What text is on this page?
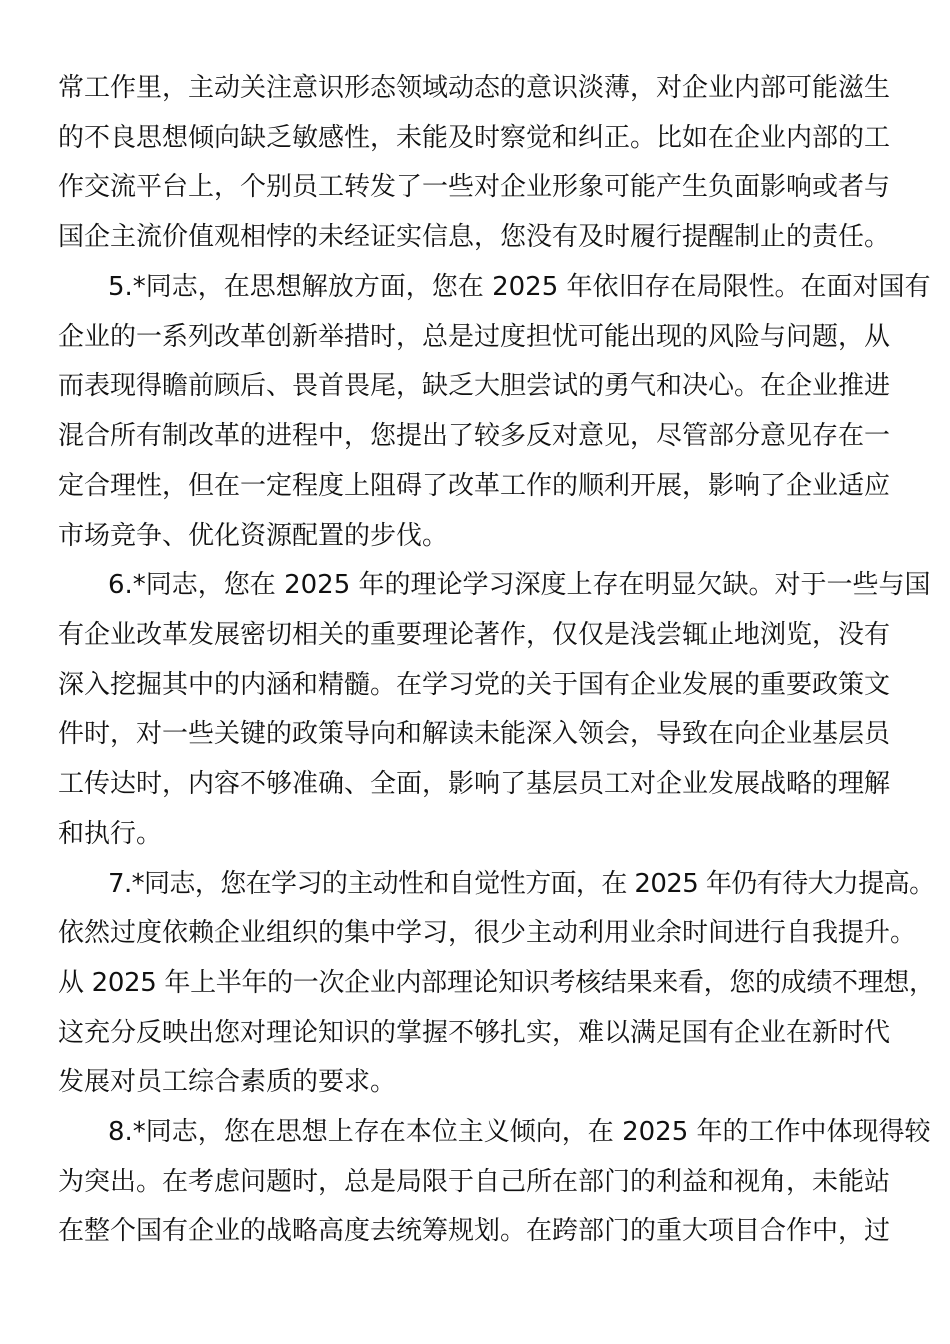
常工作里，主动关注意识形态领域动态的意识淡薄，对企业内部可能滋生
的不良思想倾向缺乏敏感性，未能及时察觉和纠正。比如在企业内部的工
作交流平台上，个别员工转发了一些对企业形象可能产生负面影响或者与
国企主流价值观相悖的未经证实信息，您没有及时履行提醒制止的责任。
5.*同志，在思想解放方面，您在 2025 年依旧存在局限性。在面对国有
企业的一系列改革创新举措时，总是过度担忧可能出现的风险与问题，从
而表现得瞻前顾后、畏首畏尾，缺乏大胆尝试的勇气和决心。在企业推进
混合所有制改革的进程中，您提出了较多反对意见，尽管部分意见存在一
定合理性，但在一定程度上阻碍了改革工作的顺利开展，影响了企业适应
市场竞争、优化资源配置的步伐。
6.*同志，您在 2025 年的理论学习深度上存在明显欠缺。对于一些与国
有企业改革发展密切相关的重要理论著作，仅仅是浅尝辄止地浏览，没有
深入挖掘其中的内涵和精髓。在学习党的关于国有企业发展的重要政策文
件时，对一些关键的政策导向和解读未能深入领会，导致在向企业基层员
工传达时，内容不够准确、全面，影响了基层员工对企业发展战略的理解
和执行。
7.*同志，您在学习的主动性和自觉性方面，在 2025 年仍有待大力提高。
依然过度依赖企业组织的集中学习，很少主动利用业余时间进行自我提升。
从 2025 年上半年的一次企业内部理论知识考核结果来看，您的成绩不理想，
这充分反映出您对理论知识的掌握不够扎实，难以满足国有企业在新时代
发展对员工综合素质的要求。
8.*同志，您在思想上存在本位主义倾向，在 2025 年的工作中体现得较
为突出。在考虑问题时，总是局限于自己所在部门的利益和视角，未能站
在整个国有企业的战略高度去统筹规划。在跨部门的重大项目合作中，过
